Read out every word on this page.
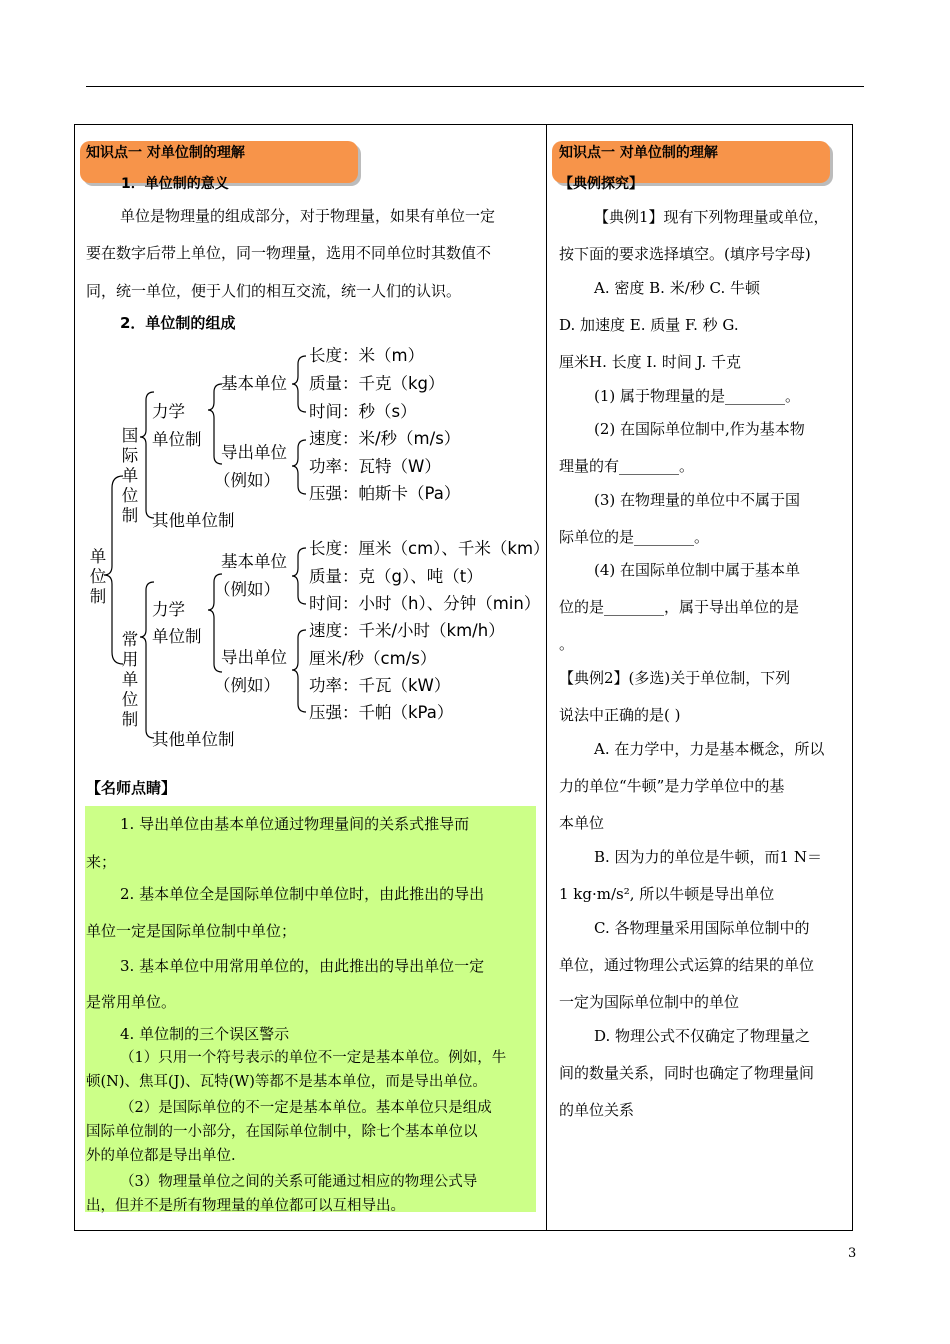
3
知识点一 对单位制的理解
1．单位制的意义
单位是物理量的组成部分，对于物理量，如果有单位一定
要在数字后带上单位，同一物理量，选用不同单位时其数值不
同，统一单位，便于人们的相互交流，统一人们的认识。
2．单位制的组成
单
位
制
国
际
单
位
制
常
用
单
位
制
力学
单位制
基本单位
导出单位
（例如）
其他单位制
长度：米（m）
质量：千克（kg）
时间：秒（s）
速度：米/秒（m/s）
功率：瓦特（W）
压强：帕斯卡（Pa）
力学
单位制
基本单位
（例如）
导出单位
（例如）
其他单位制
长度：厘米（cm）、千米（km）
质量：克（g）、吨（t）
时间：小时（h）、分钟（min）
速度：千米/小时（km/h）
厘米/秒（cm/s）
功率：千瓦（kW）
压强：千帕（kPa）
【名师点睛】
1. 导出单位由基本单位通过物理量间的关系式推导而
来；
2. 基本单位全是国际单位制中单位时，由此推出的导出
单位一定是国际单位制中单位；
3. 基本单位中用常用单位的，由此推出的导出单位一定
是常用单位。
4. 单位制的三个误区警示
（1）只用一个符号表示的单位不一定是基本单位。例如，牛
顿(N)、焦耳(J)、瓦特(W)等都不是基本单位，而是导出单位。
（2）是国际单位的不一定是基本单位。基本单位只是组成
国际单位制的一小部分，在国际单位制中，除七个基本单位以
外的单位都是导出单位.
（3）物理量单位之间的关系可能通过相应的物理公式导
出，但并不是所有物理量的单位都可以互相导出。
知识点一 对单位制的理解
【典例探究】
【典例1】现有下列物理量或单位，
按下面的要求选择填空。(填序号字母)
A. 密度 B. 米/秒 C. 牛顿
D. 加速度 E. 质量 F. 秒 G.
厘米H. 长度 I. 时间 J. 千克
(1) 属于物理量的是________。
(2) 在国际单位制中,作为基本物
理量的有________。
(3) 在物理量的单位中不属于国
际单位的是________。
(4) 在国际单位制中属于基本单
位的是________，属于导出单位的是
。
【典例2】(多选)关于单位制，下列
说法中正确的是( )
A. 在力学中，力是基本概念，所以
力的单位“牛顿”是力学单位中的基
本单位
B. 因为力的单位是牛顿，而1 N＝
1 kg·m/s², 所以牛顿是导出单位
C. 各物理量采用国际单位制中的
单位，通过物理公式运算的结果的单位
一定为国际单位制中的单位
D. 物理公式不仅确定了物理量之
间的数量关系，同时也确定了物理量间
的单位关系
